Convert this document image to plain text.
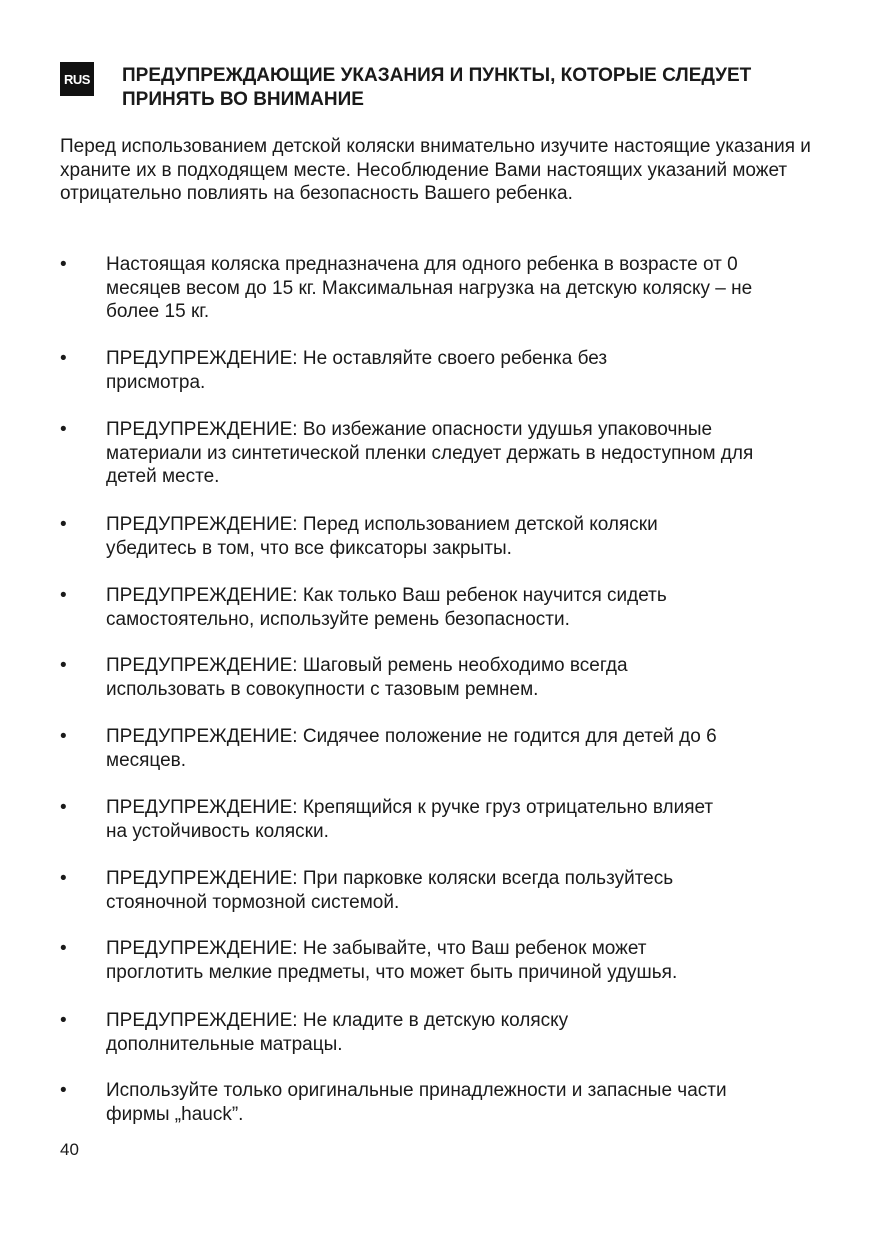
RUS ПРЕДУПРЕЖДАЮЩИЕ УКАЗАНИЯ И ПУНКТЫ, КОТОРЫЕ СЛЕДУЕТ ПРИНЯТЬ ВО ВНИМАНИЕ

Перед использованием детской коляски внимательно изучите настоящие указания и храните их в подходящем месте. Несоблюдение Вами настоящих указаний может отрицательно повлиять на безопасность Вашего ребенка.

• Настоящая коляска предназначена для одного ребенка в возрасте от 0 месяцев весом до 15 кг. Максимальная нагрузка на детскую коляску – не более 15 кг.
• ПРЕДУПРЕЖДЕНИЕ: Не оставляйте своего ребенка без присмотра.
• ПРЕДУПРЕЖДЕНИЕ: Во избежание опасности удушья упаковочные материали из синтетической пленки следует держать в недоступном для детей месте.
• ПРЕДУПРЕЖДЕНИЕ: Перед использованием детской коляски убедитесь в том, что все фиксаторы закрыты.
• ПРЕДУПРЕЖДЕНИЕ: Как только Ваш ребенок научится сидеть самостоятельно, используйте ремень безопасности.
• ПРЕДУПРЕЖДЕНИЕ: Шаговый ремень необходимо всегда использовать в совокупности с тазовым ремнем.
• ПРЕДУПРЕЖДЕНИЕ: Сидячее положение не годится для детей до 6 месяцев.
• ПРЕДУПРЕЖДЕНИЕ: Крепящийся к ручке груз отрицательно влияет на устойчивость коляски.
• ПРЕДУПРЕЖДЕНИЕ: При парковке коляски всегда пользуйтесь стояночной тормозной системой.
• ПРЕДУПРЕЖДЕНИЕ: Не забывайте, что Ваш ребенок может проглотить мелкие предметы, что может быть причиной удушья.
• ПРЕДУПРЕЖДЕНИЕ: Не кладите в детскую коляску дополнительные матрацы.
• Используйте только оригинальные принадлежности и запасные части фирмы „hauck”.
40
